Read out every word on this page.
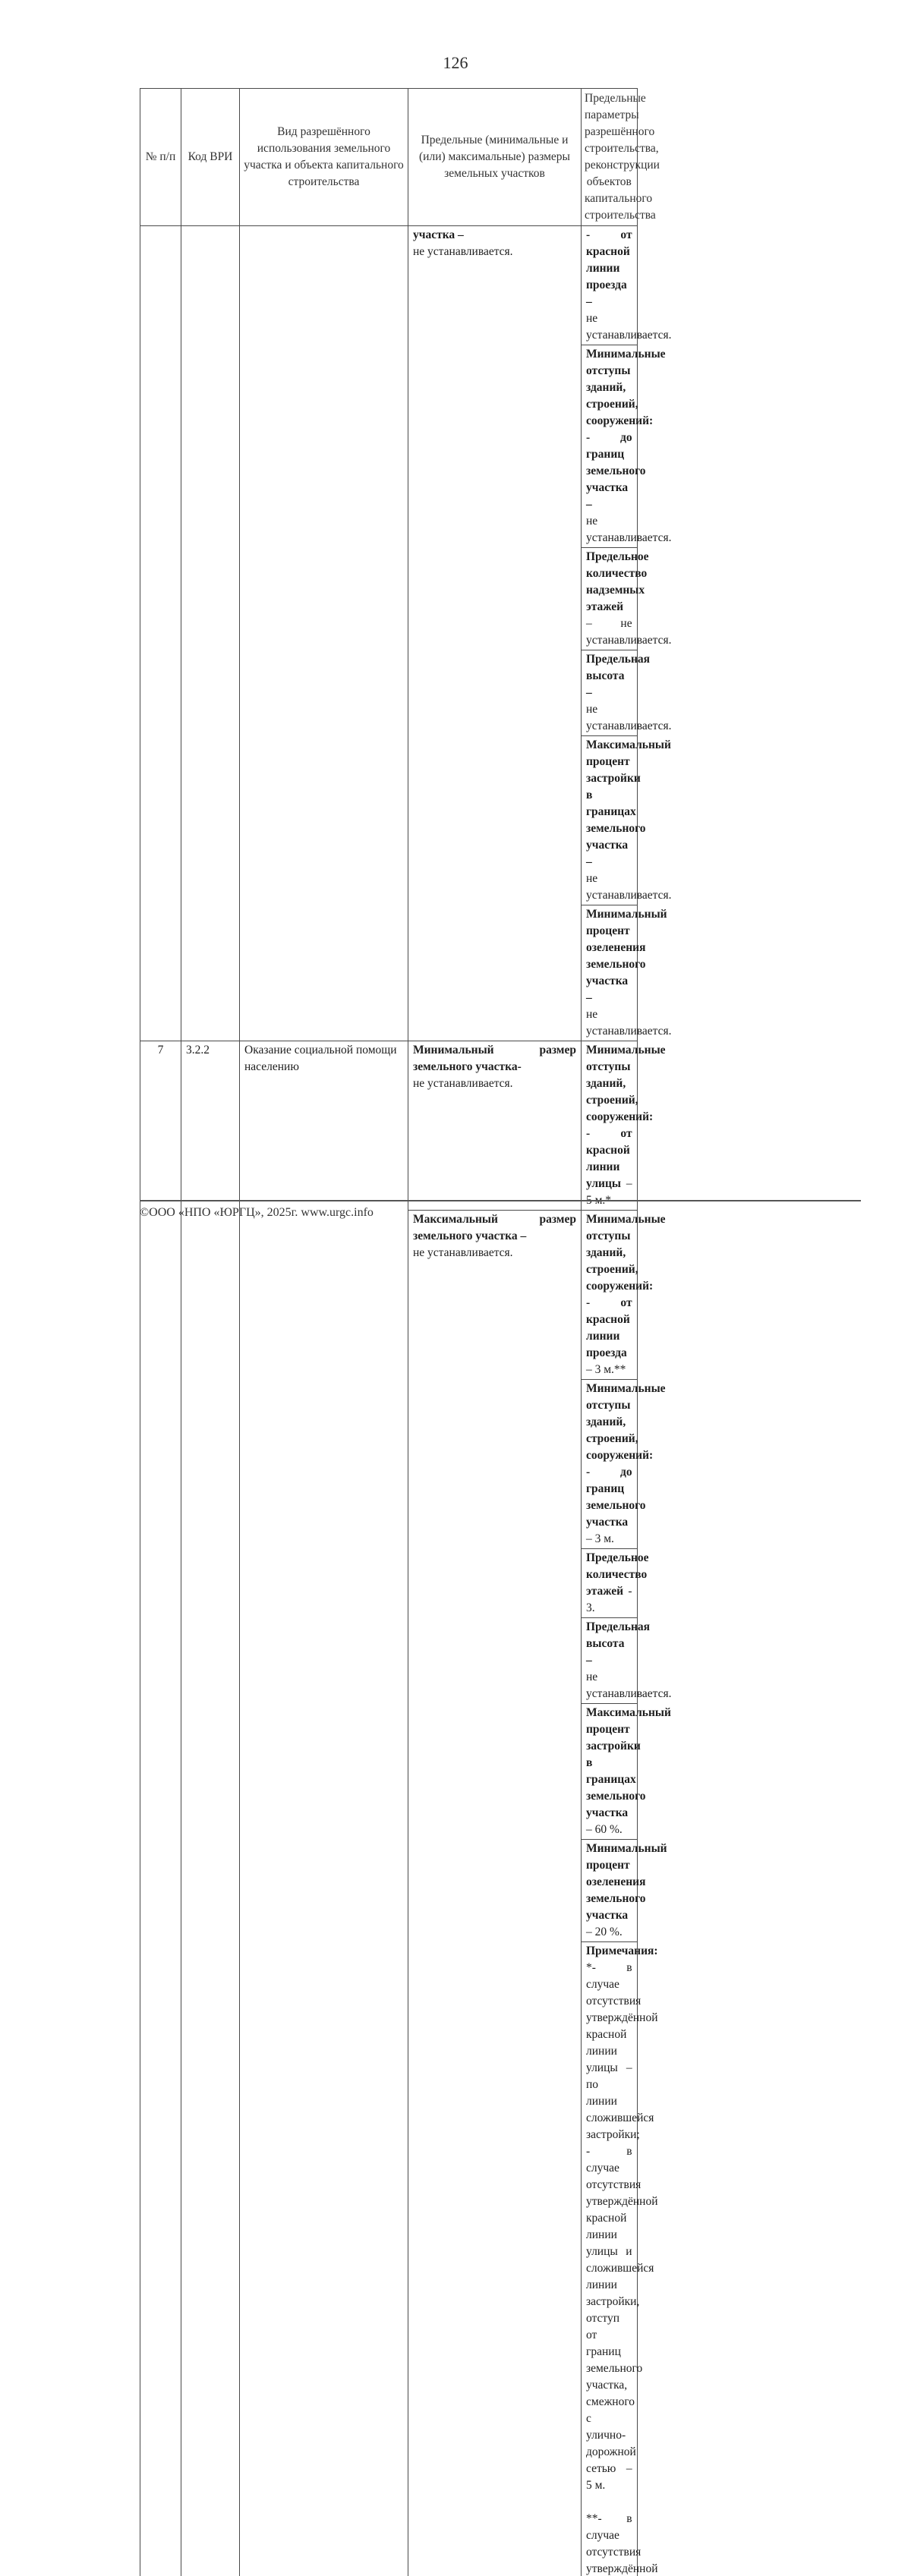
126
№ п/п	Код ВРИ	Вид разрешённого использования земельного участка и объекта капитального строительства	Предельные (минимальные и (или) максимальные) размеры земельных участков	Предельные параметры разрешённого строительства, реконструкции объектов капитального строительства				

			участка –
не устанавливается.	- от красной линии проезда –
не устанавливается.				

				Минимальные отступы зданий, строений, сооружений:
- до границ земельного участка –
не устанавливается.				

				Предельное количество надземных этажей – не устанавливается.				

				Предельная высота –
не устанавливается.				

				Максимальный процент застройки в границах земельного участка –
не устанавливается.				

				Минимальный процент озеленения земельного участка –
не устанавливается.				

7	3.2.2	Оказание социальной помощи населению	Минимальный размер земельного участка-
не устанавливается.	Минимальные отступы зданий, строений, сооружений:
- от красной линии улицы – 5 м.*				

			Максимальный размер земельного участка –
не устанавливается.	Минимальные отступы зданий, строений, сооружений:
- от красной линии проезда – 3 м.**				

				Минимальные отступы зданий, строений, сооружений:
- до границ земельного участка – 3 м.				
				Предельное количество этажей - 3.				

				Предельная высота –
не устанавливается.				

				Максимальный процент застройки в границах земельного участка – 60 %.				
				Минимальный процент озеленения земельного участка – 20 %.				

				Примечания:
*- в случае отсутствия утверждённой красной линии улицы – по линии сложившейся застройки;
- в случае отсутствия утверждённой красной линии улицы и сложившейся линии застройки, отступ от границ земельного участка, смежного с улично-дорожной сетью – 5 м.
**- в случае отсутствия утверждённой				

©ООО «НПО «ЮРГЦ», 2025г. www.urgc.info
